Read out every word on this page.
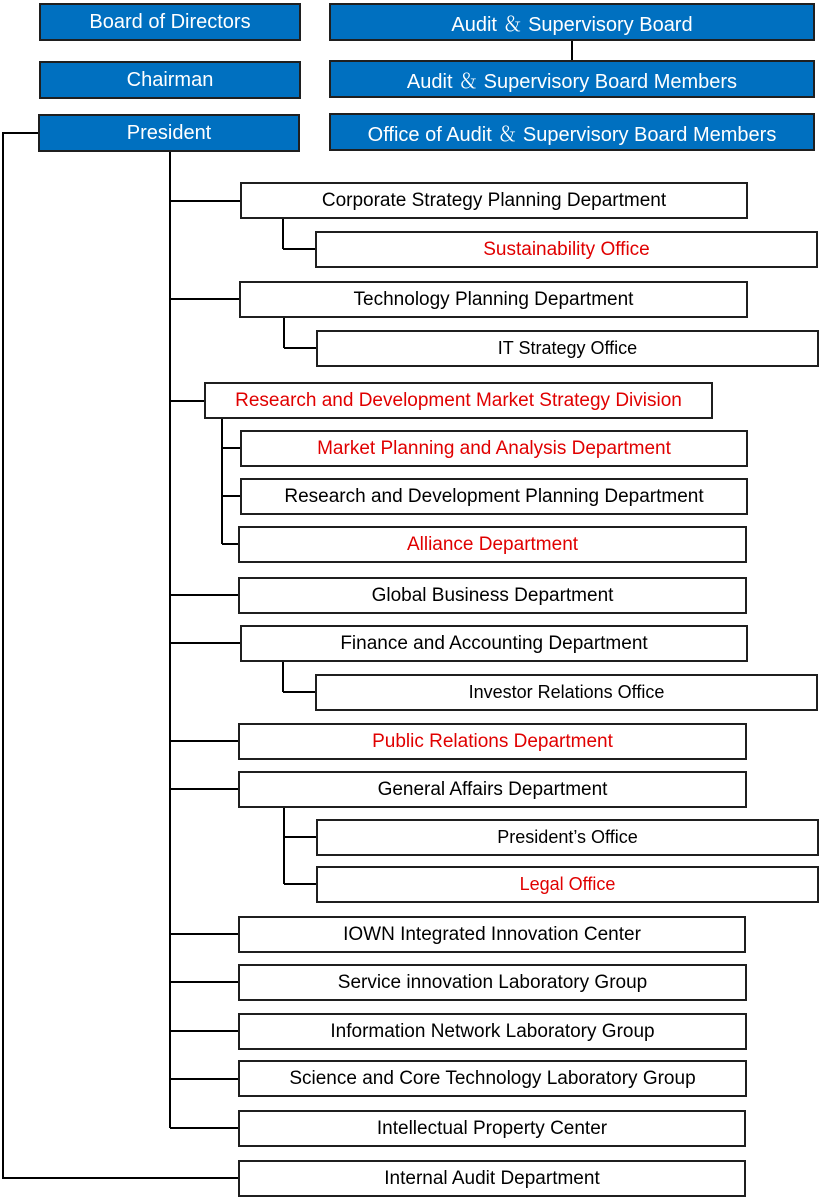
Board of Directors
Chairman
President
Audit ＆ Supervisory Board
Audit ＆ Supervisory Board Members
Office of Audit ＆ Supervisory Board Members
Corporate Strategy Planning Department
Sustainability Office
Technology Planning Department
IT Strategy Office
Research and Development Market Strategy Division
Market Planning and Analysis Department
Research and Development Planning Department
Alliance Department
Global Business Department
Finance and Accounting Department
Investor Relations Office
Public Relations Department
General Affairs Department
President’s Office
Legal Office
IOWN Integrated Innovation Center
Service innovation Laboratory Group
Information Network Laboratory Group
Science and Core Technology Laboratory Group
Intellectual Property Center
Internal Audit Department
